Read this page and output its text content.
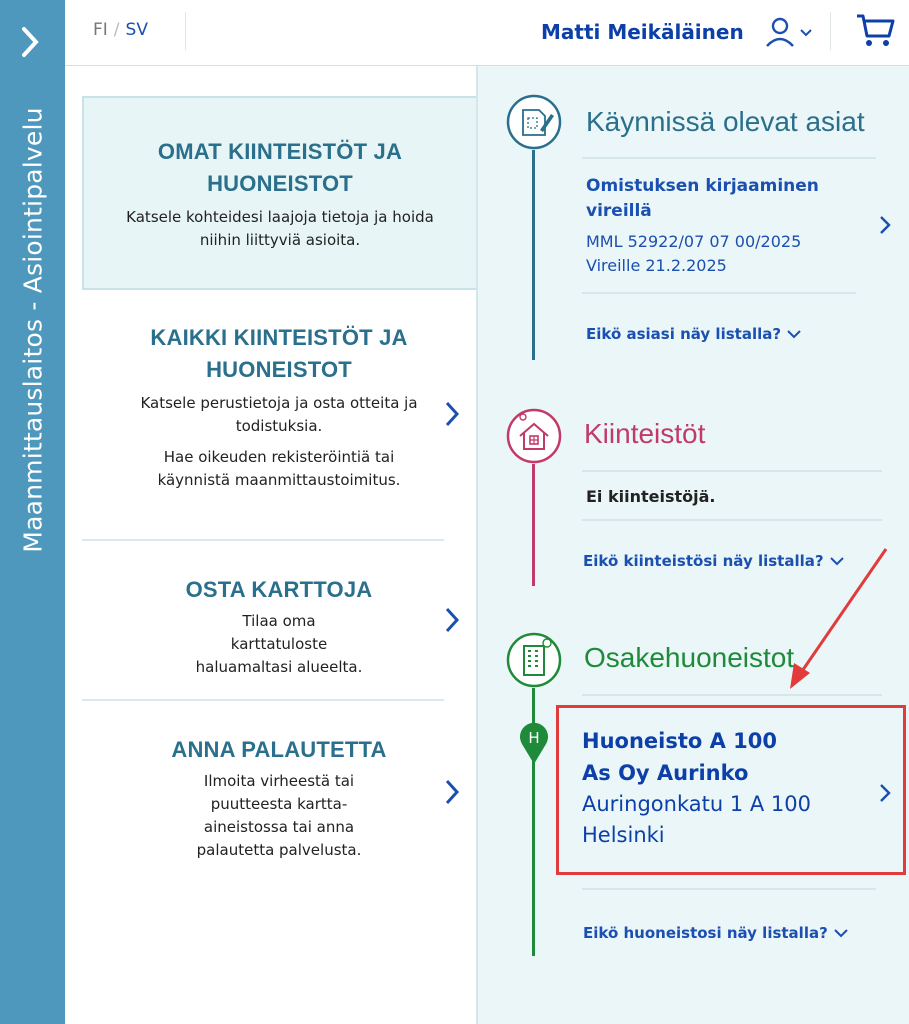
Maanmittauslaitos - Asiointipalvelu
FI / SV	Matti Meikäläinen
OMAT KIINTEISTÖT JA HUONEISTOT

Katsele kohteidesi laajoja tietoja ja hoida niihin liittyviä asioita.

KAIKKI KIINTEISTÖT JA HUONEISTOT

Katsele perustietoja ja osta otteita ja todistuksia.

Hae oikeuden rekisteröintiä tai käynnistä maanmittaustoimitus.

OSTA KARTTOJA

Tilaa oma karttatuloste haluamaltasi alueelta.

ANNA PALAUTETTA

Ilmoita virheestä tai puutteesta kartta-aineistossa tai anna palautetta palvelusta.

Käynnissä olevat asiat
Omistuksen kirjaaminen vireillä
MML 52922/07 07 00/2025
Vireille 21.2.2025
Eikö asiasi näy listalla?
Kiinteistöt
Ei kiinteistöjä.
Eikö kiinteistösi näy listalla?
Osakehuoneistot
H	Huoneisto A 100 As Oy Aurinko
Auringonkatu 1 A 100 Helsinki
Eikö huoneistosi näy listalla?
